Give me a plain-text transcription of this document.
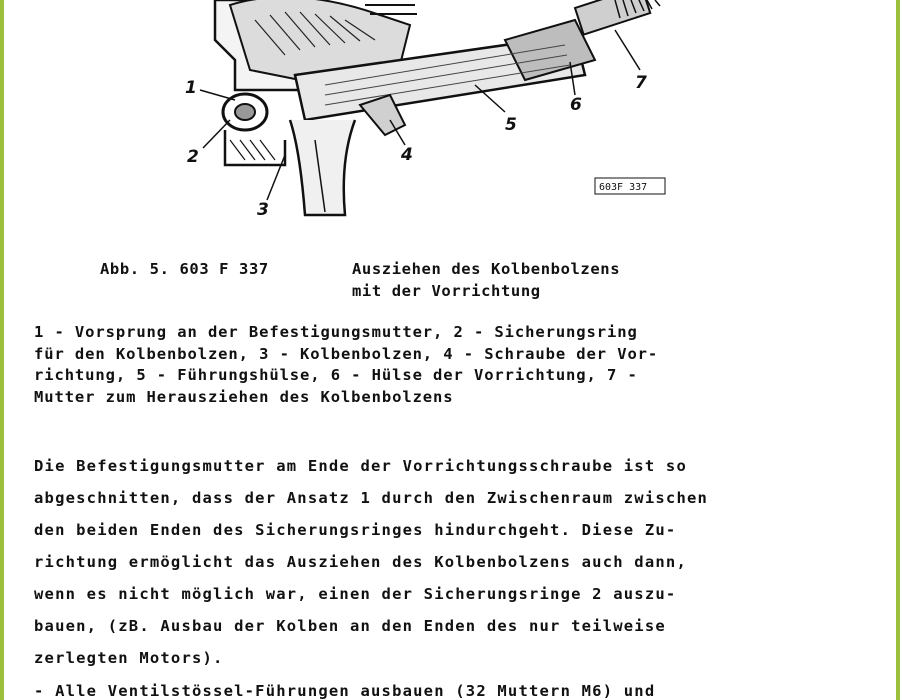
1
2
3
4
5
6
7
603F 337
Abb. 5. 603 F 337	Ausziehen des Kolbenbolzens
mit der Vorrichtung
1 - Vorsprung an der Befestigungsmutter, 2 - Sicherungsring
für den Kolbenbolzen, 3 - Kolbenbolzen, 4 - Schraube der Vor-
richtung, 5 - Führungshülse, 6 - Hülse der Vorrichtung, 7 -
Mutter zum Herausziehen des Kolbenbolzens
Die Befestigungsmutter am Ende der Vorrichtungsschraube ist so
abgeschnitten, dass der Ansatz 1 durch den Zwischenraum zwischen
den beiden Enden des Sicherungsringes hindurchgeht. Diese Zu-
richtung ermöglicht das Ausziehen des Kolbenbolzens auch dann,
wenn es nicht möglich war, einen der Sicherungsringe 2 auszu-
bauen, (zB. Ausbau der Kolben an den Enden des nur teilweise
zerlegten Motors).
- Alle Ventilstössel-Führungen ausbauen (32 Muttern M6) und
